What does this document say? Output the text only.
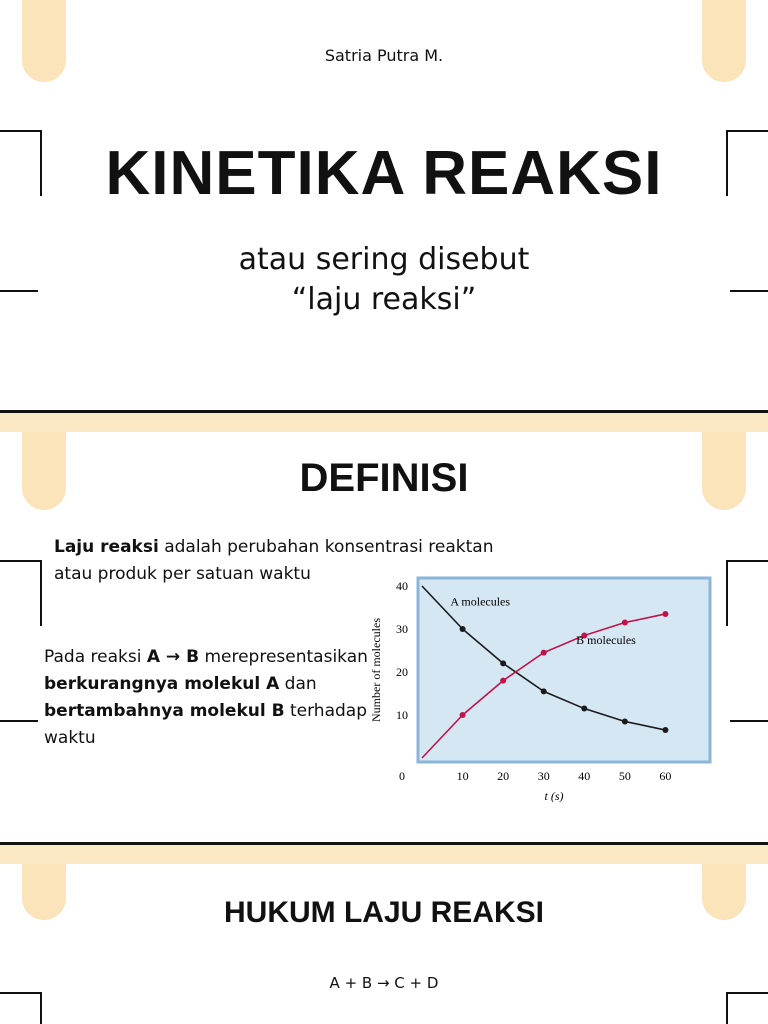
Satria Putra M.
KINETIKA REAKSI
atau sering disebut
“laju reaksi”
DEFINISI
Laju reaksi adalah perubahan konsentrasi reaktan atau produk per satuan waktu
Pada reaksi A → B merepresentasikan berkurangnya molekul A dan bertambahnya molekul B terhadap waktu
10
20
30
40
0	10 20 30 40 50 60
t (s)
Number of molecules
A molecules
B molecules
HUKUM LAJU REAKSI
A + B → C + D
